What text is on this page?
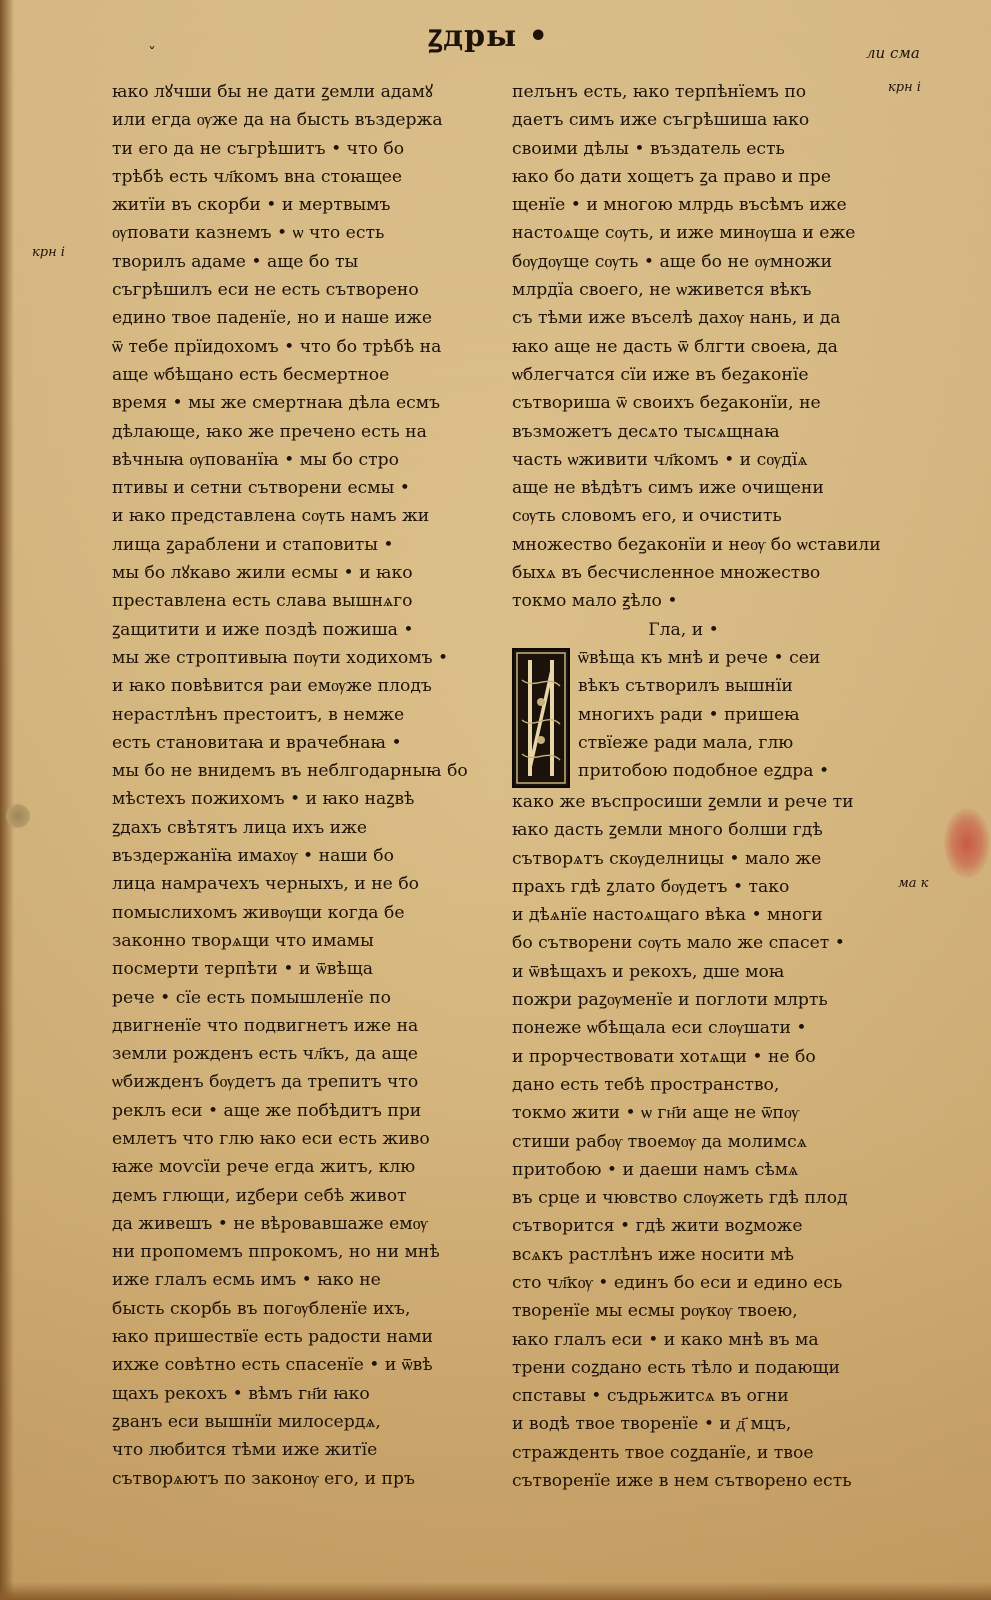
ˇ	ꙁдры •	ли сма
крн і
крн і
ма к
ꙗко лꙋчши бы не дати ꙁемли адамꙋ
или егда ѹже да на бысть въздержа
ти его да не съгрѣшитъ • что бо
трѣбѣ есть чл҃комъ вна стоꙗщее
житїи въ скорби • и мертвымъ
ѹповати казнемъ • ѡ что есть
творилъ адаме • аще бо ты
съгрѣшилъ еси не есть сътворено
едино твое паденїе, но и наше иже
ѿ тебе прїидохомъ • что бо трѣбѣ на
аще ѡбѣщано есть бесмертное
время • мы же смертнаꙗ дѣла есмъ
дѣлающе, ꙗко же пречено есть на
вѣчныꙗ ѹпованїꙗ • мы бо стро
птивы и сетни сътворени есмы •
и ꙗко представлена сѹть намъ жи
лища ꙁараблени и стаповиты •
мы бо лꙋкаво жили есмы • и ꙗко
преставлена есть слава вышнѧго
ꙁащитити и иже поздѣ пожиша •
мы же строптивыꙗ пѹти ходихомъ •
и ꙗко повѣвится раи емѹже плодъ
нерастлѣнъ престоитъ, в немже
есть становитаꙗ и врачебнаꙗ •
мы бо не внидемъ въ неблгодарныꙗ бо
мѣстехъ пожихомъ • и ꙗко наꙁвѣ
ꙁдахъ свѣтятъ лица ихъ иже
въздержанїꙗ имахѹ • наши бо
лица намрачехъ черныхъ, и не бо
помыслихомъ живѹщи когда бе
законно творѧщи что имамы
посмерти терпѣти • и ѿвѣща
рече • сїе есть помышленїе по
двигненїе что подвигнетъ иже на
земли рожденъ есть чл҃къ, да аще
ѡбижденъ бѹдетъ да трепитъ что
реклъ еси • аще же побѣдитъ при
емлетъ что глю ꙗко еси есть живо
ꙗже моѵсїи рече егда житъ, клю
демъ глющи, иꙁбери себѣ живот
да живешъ • не вѣровавшаже емѹ
ни пропомемъ ппрокомъ, но ни мнѣ
иже глалъ есмь имъ • ꙗко не
бысть скорбь въ погѹбленїе ихъ,
ꙗко пришествїе есть радости нами
ихже совѣтно есть спасенїе • и ѿвѣ
щахъ рекохъ • вѣмъ гн҃и ꙗко
ꙁванъ еси вышнїи милосердѧ,
что любится тѣми иже житїе
сътворѧютъ по законѹ его, и пръ
пелънъ есть, ꙗко терпѣнїемъ по
даетъ симъ иже съгрѣшиша ꙗко
своими дѣлы • въздатель есть
ꙗко бо дати хощетъ ꙁа право и пре
щенїе • и многою млрдь въсѣмъ иже
настоѧще сѹть, и иже минѹша и еже
бѹдѹще сѹть • аще бо не ѹмножи
млрдїа своего, не ѡживется вѣкъ
съ тѣми иже въселѣ дахѹ нань, и да
ꙗко аще не дасть ѿ блгти своеꙗ, да
ѡблегчатся сїи иже въ беꙁаконїе
сътвориша ѿ своихъ беꙁаконїи, не
възможетъ десѧто тысѧщнаꙗ
часть ѡживити чл҃комъ • и сѹдїѧ
аще не вѣдѣтъ симъ иже очищени
сѹть словомъ его, и очистить
множество беꙁаконїи и неѹ бо ѡставили
быхѧ въ бесчисленное множество
токмо мало ꙃѣло •
Гла, и •
ѿвѣща къ мнѣ и рече • сеи
вѣкъ сътворилъ вышнїи
многихъ ради • пришеꙗ
ствїеже ради мала, глю
притобою подобное еꙁдра •
како же въспросиши ꙁемли и рече ти
ꙗко дасть ꙁемли много болши гдѣ
сътворѧтъ скѹделницы • мало же
прахъ гдѣ ꙁлато бѹдетъ • тако
и дѣѧнїе настоѧщаго вѣка • многи
бо сътворени сѹть мало же спасет •
и ѿвѣщахъ и рекохъ, дше моꙗ
пожри раꙁѹменїе и поглоти млрть
понеже ѡбѣщала еси слѹшати •
и прорчествовати хотѧщи • не бо
дано есть тебѣ пространство,
токмо жити • ѡ гн҃и аще не ѿпѹ
стиши рабѹ твоемѹ да молимсѧ
притобою • и даеши намъ сѣмѧ
въ срце и чювство слѹжеть гдѣ плод
сътворится • гдѣ жити воꙁможе
всѧкъ растлѣнъ иже носити мѣ
сто чл҃кѹ • единъ бо еси и едино есь
творенїе мы есмы рѹкѹ твоею,
ꙗко глалъ еси • и како мнѣ въ ма
трени соꙁдано есть тѣло и подающи
спставы • съдрьжитсѧ въ огни
и водѣ твое творенїе • и д҃ мцъ,
стражденть твое соꙁданїе, и твое
сътворенїе иже в нем сътворено есть
